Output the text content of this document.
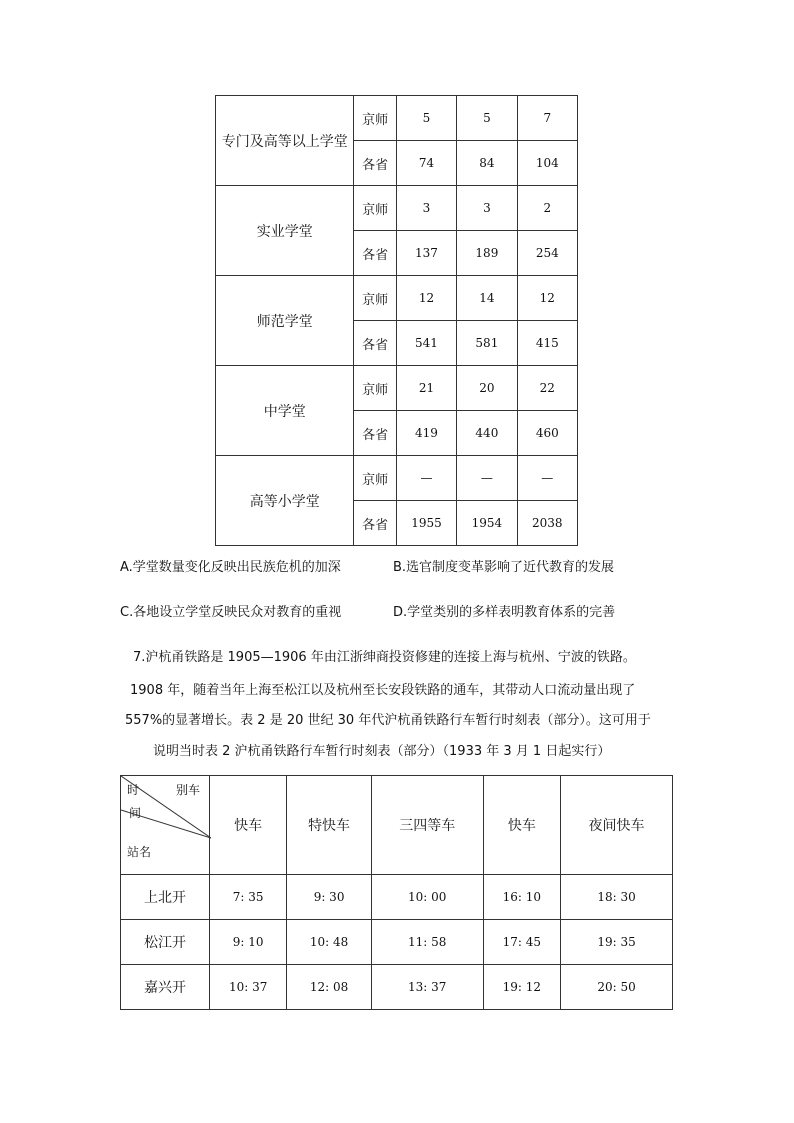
专门及高等以上学堂	京师	5	5	7
	各省	74	84	104
实业学堂	京师	3	3	2
	各省	137	189	254
师范学堂	京师	12	14	12
	各省	541	581	415
中学堂	京师	21	20	22
	各省	419	440	460
高等小学堂	京师	—	—	—
	各省	1955	1954	2038
A.学堂数量变化反映出民族危机的加深	B.选官制度变革影响了近代教育的发展
C.各地设立学堂反映民众对教育的重视	D.学堂类别的多样表明教育体系的完善
7.沪杭甬铁路是 1905—1906 年由江浙绅商投资修建的连接上海与杭州、宁波的铁路。
1908 年，随着当年上海至松江以及杭州至长安段铁路的通车，其带动人口流动量出现了
557%的显著增长。表 2 是 20 世纪 30 年代沪杭甬铁路行车暂行时刻表（部分）。这可用于
说明当时表 2 沪杭甬铁路行车暂行时刻表（部分）（1933 年 3 月 1 日起实行）
时 别车
间
站名	快车	特快车	三四等车	快车	夜间快车
上北开	7: 35	9: 30	10: 00	16: 10	18: 30
松江开	9: 10	10: 48	11: 58	17: 45	19: 35
嘉兴开	10: 37	12: 08	13: 37	19: 12	20: 50
